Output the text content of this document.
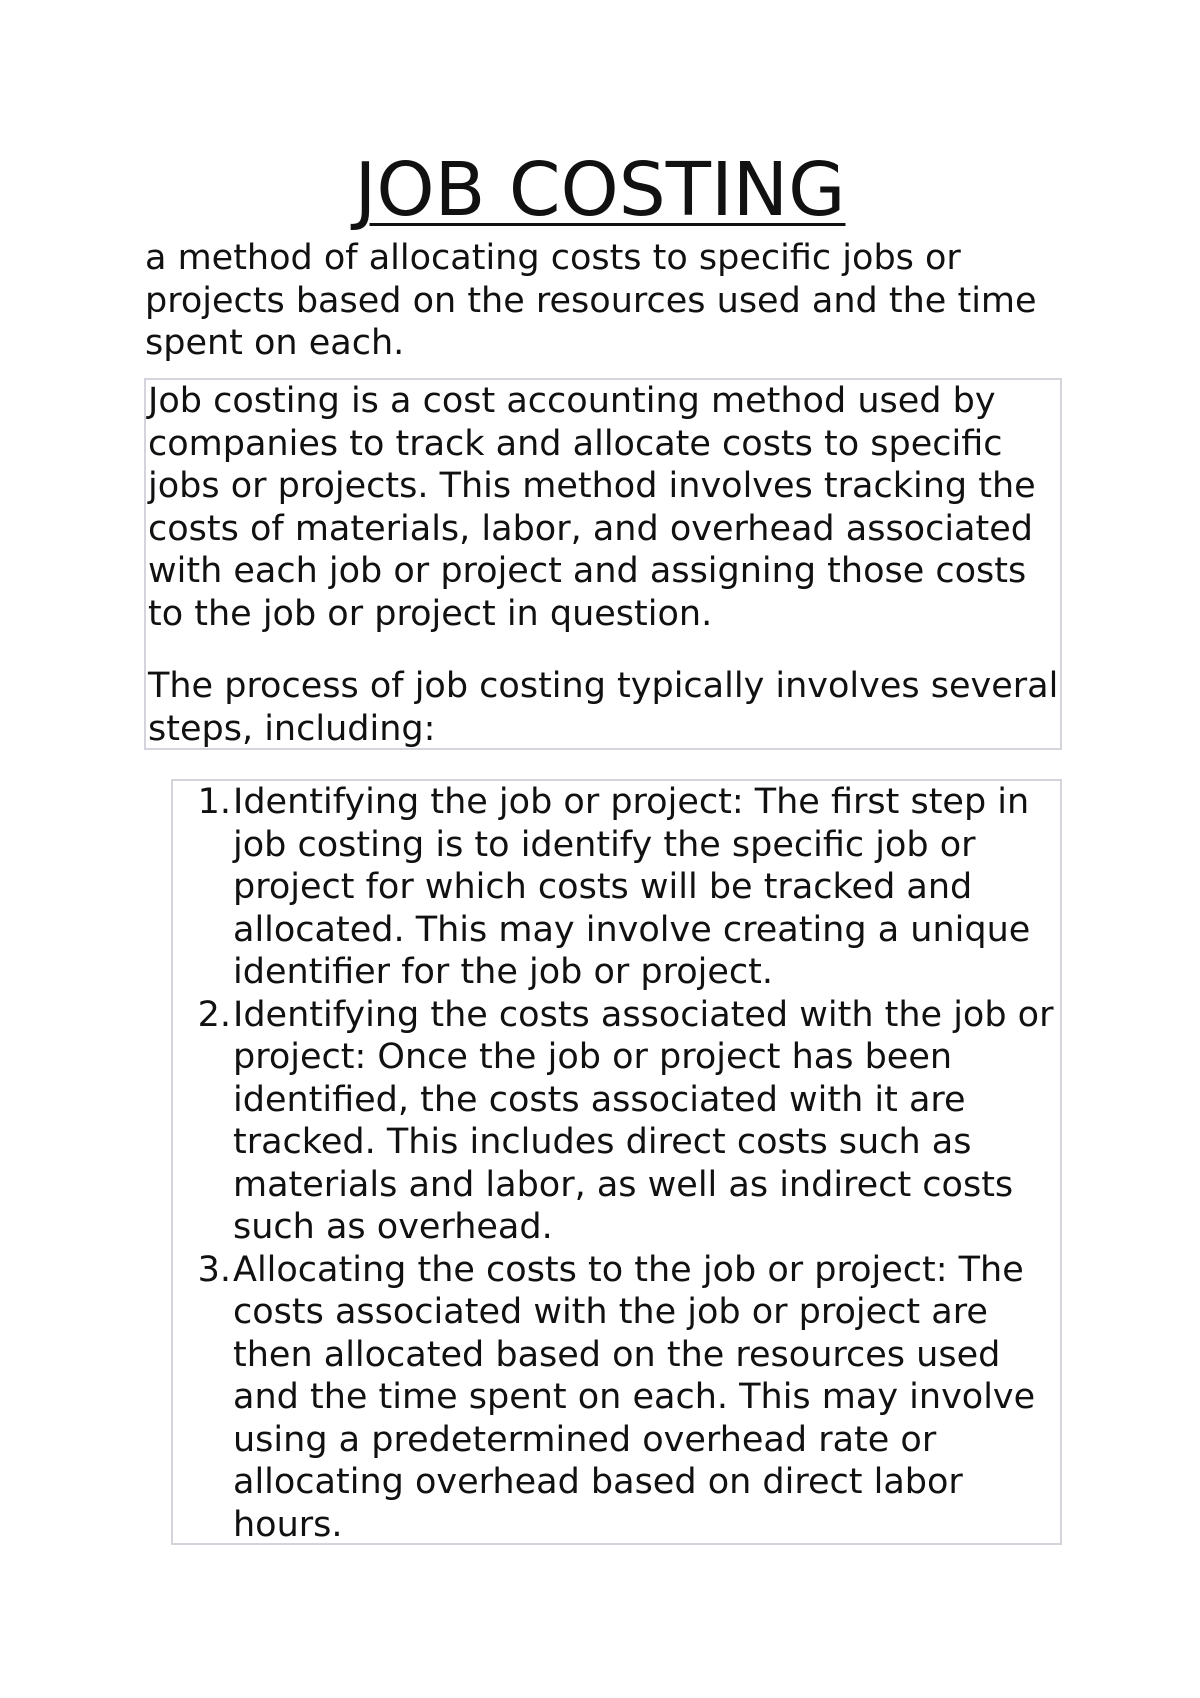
JOB COSTING

a method of allocating costs to specific jobs or projects based on the resources used and the time spent on each.

Job costing is a cost accounting method used by companies to track and allocate costs to specific jobs or projects. This method involves tracking the costs of materials, labor, and overhead associated with each job or project and assigning those costs to the job or project in question.

The process of job costing typically involves several steps, including:

1. Identifying the job or project: The first step in job costing is to identify the specific job or project for which costs will be tracked and allocated. This may involve creating a unique identifier for the job or project.
2. Identifying the costs associated with the job or project: Once the job or project has been identified, the costs associated with it are tracked. This includes direct costs such as materials and labor, as well as indirect costs such as overhead.
3. Allocating the costs to the job or project: The costs associated with the job or project are then allocated based on the resources used and the time spent on each. This may involve using a predetermined overhead rate or allocating overhead based on direct labor hours.
